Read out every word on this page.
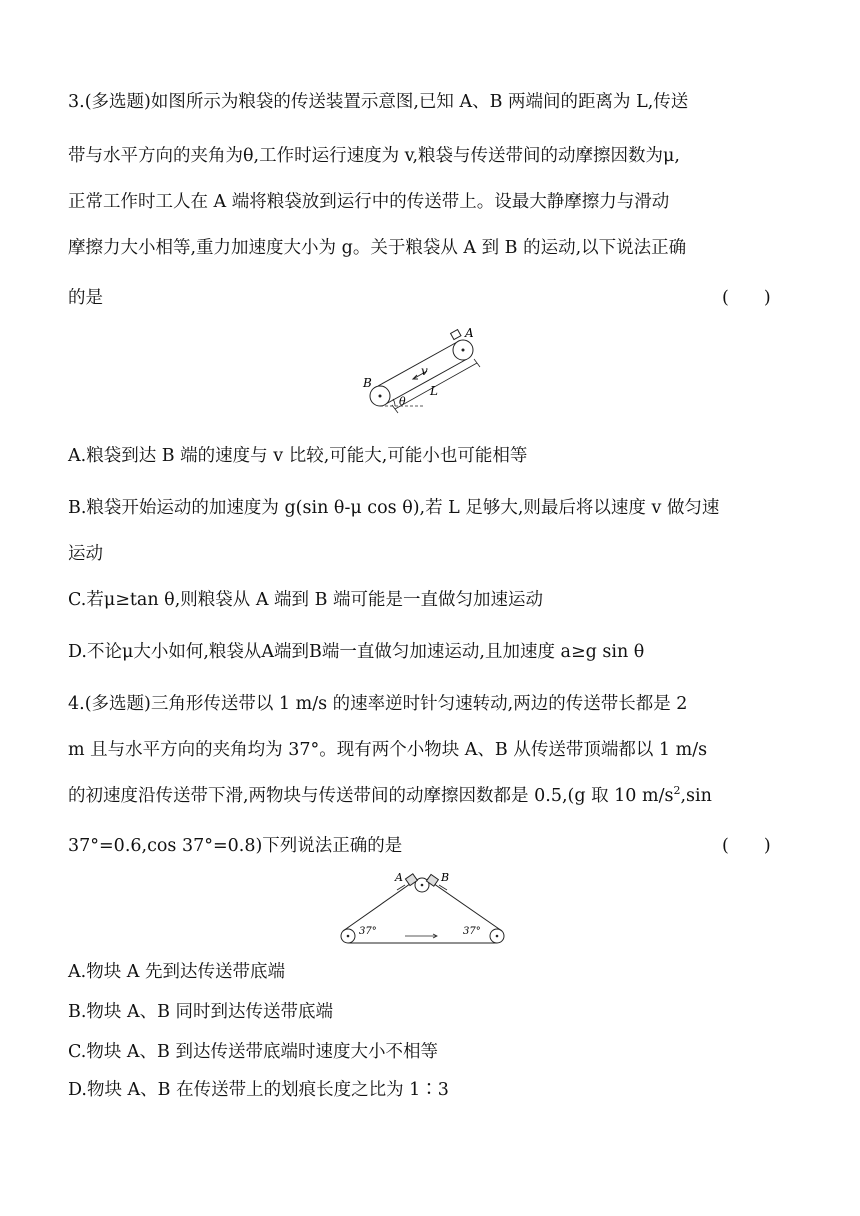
3.(多选题)如图所示为粮袋的传送装置示意图,已知 A、B 两端间的距离为 L,传送
带与水平方向的夹角为θ,工作时运行速度为 v,粮袋与传送带间的动摩擦因数为μ,
正常工作时工人在 A 端将粮袋放到运行中的传送带上。设最大静摩擦力与滑动
摩擦力大小相等,重力加速度大小为 g。关于粮袋从 A 到 B 的运动,以下说法正确
的是	(　　)
A
B
v
L
θ
A.粮袋到达 B 端的速度与 v 比较,可能大,可能小也可能相等
B.粮袋开始运动的加速度为 g(sin θ-μ cos θ),若 L 足够大,则最后将以速度 v 做匀速
运动
C.若μ≥tan θ,则粮袋从 A 端到 B 端可能是一直做匀加速运动
D.不论μ大小如何,粮袋从A端到B端一直做匀加速运动,且加速度 a≥g sin θ
4.(多选题)三角形传送带以 1 m/s 的速率逆时针匀速转动,两边的传送带长都是 2
m 且与水平方向的夹角均为 37°。现有两个小物块 A、B 从传送带顶端都以 1 m/s
的初速度沿传送带下滑,两物块与传送带间的动摩擦因数都是 0.5,(g 取 10 $m/s^2,\sin$
37°=0.6,cos 37°=0.8)下列说法正确的是	(　　)
A	B
37°	37°
A.物块 A 先到达传送带底端
B.物块 A、B 同时到达传送带底端
C.物块 A、B 到达传送带底端时速度大小不相等
D.物块 A、B 在传送带上的划痕长度之比为 1∶3
